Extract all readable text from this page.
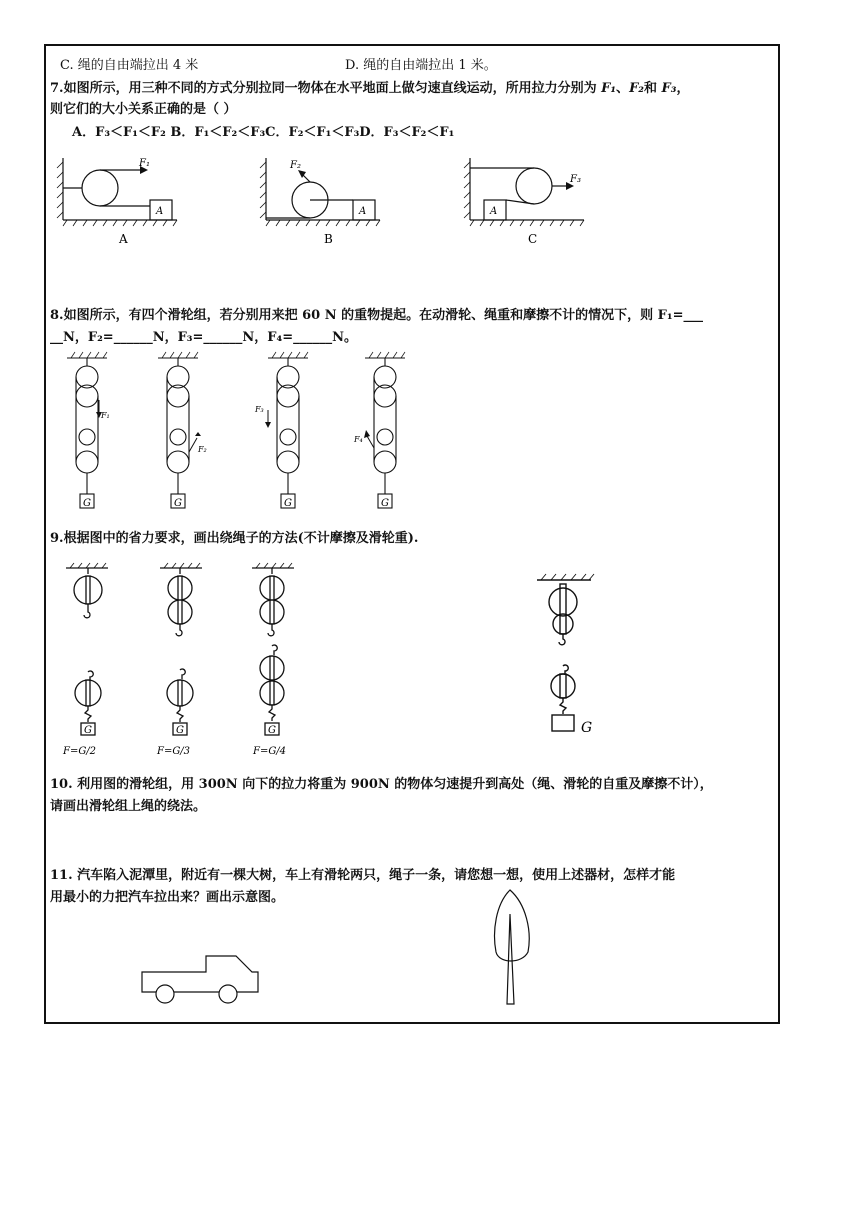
C. 绳的自由端拉出 4 米	D. 绳的自由端拉出 1 米。
7.如图所示，用三种不同的方式分别拉同一物体在水平地面上做匀速直线运动，所用拉力分别为 F₁、F₂和 F₃，
则它们的大小关系正确的是（ ）
A．F₃＜F₁＜F₂ B．F₁＜F₂＜F₃C．F₂＜F₁＜F₃D．F₃＜F₂＜F₁
F₁
A
A
F₂
A
B
F₃
A
C
8.如图所示，有四个滑轮组，若分别用来把 60 N 的重物提起。在动滑轮、绳重和摩擦不计的情况下，则 F₁=___
__N，F₂=______N，F₃=______N，F₄=______N。
F₁
G
F₂
G
F₃
G
F₄
G
9.根据图中的省力要求，画出绕绳子的方法(不计摩擦及滑轮重).
G	G	G
F=G/2	F=G/3	F=G/4
G
10. 利用图的滑轮组，用 300N 向下的拉力将重为 900N 的物体匀速提升到高处（绳、滑轮的自重及摩擦不计），
请画出滑轮组上绳的绕法。
11. 汽车陷入泥潭里，附近有一棵大树，车上有滑轮两只，绳子一条，请您想一想，使用上述器材，怎样才能
用最小的力把汽车拉出来？画出示意图。
